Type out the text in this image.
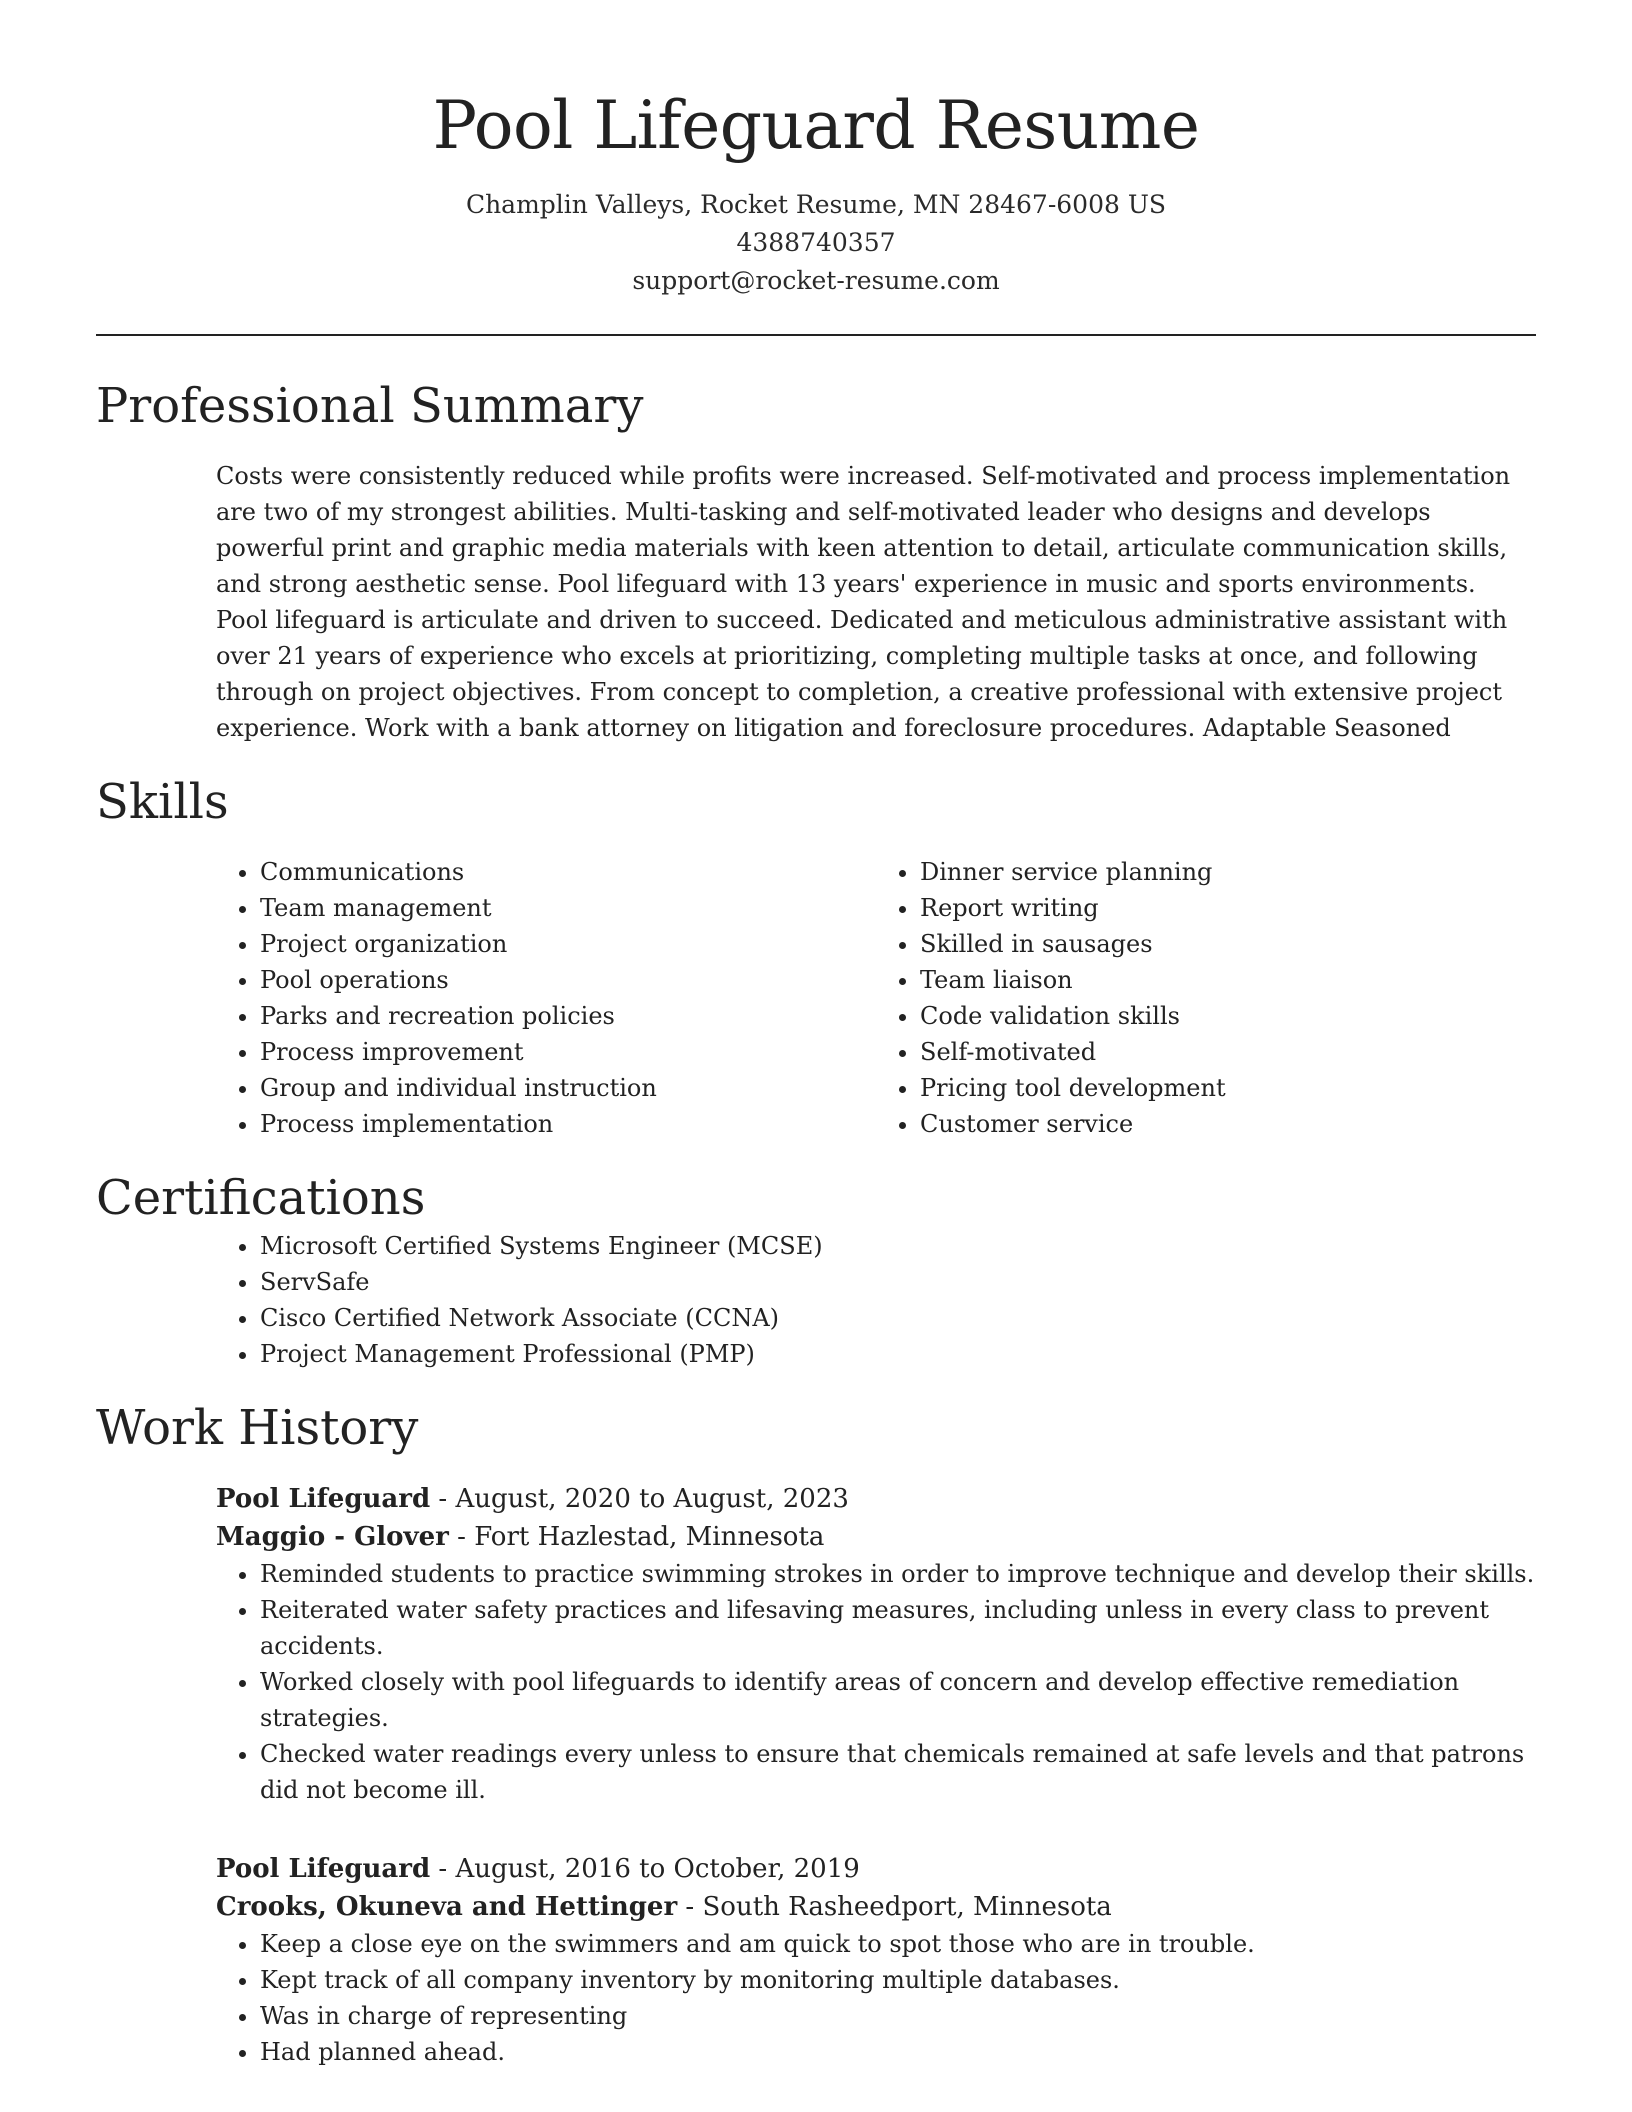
Pool Lifeguard Resume
Champlin Valleys, Rocket Resume, MN 28467-6008 US
4388740357
support@rocket-resume.com
Professional Summary

Costs were consistently reduced while profits were increased. Self-motivated and process implementation are two of my strongest abilities. Multi-tasking and self-motivated leader who designs and develops powerful print and graphic media materials with keen attention to detail, articulate communication skills, and strong aesthetic sense. Pool lifeguard with 13 years' experience in music and sports environments. Pool lifeguard is articulate and driven to succeed. Dedicated and meticulous administrative assistant with over 21 years of experience who excels at prioritizing, completing multiple tasks at once, and following through on project objectives. From concept to completion, a creative professional with extensive project experience. Work with a bank attorney on litigation and foreclosure procedures. Adaptable Seasoned

Skills
• Communications
• Team management
• Project organization
• Pool operations
• Parks and recreation policies
• Process improvement
• Group and individual instruction
• Process implementation
• Dinner service planning
• Report writing
• Skilled in sausages
• Team liaison
• Code validation skills
• Self-motivated
• Pricing tool development
• Customer service
Certifications
• Microsoft Certified Systems Engineer (MCSE)
• ServSafe
• Cisco Certified Network Associate (CCNA)
• Project Management Professional (PMP)
Work History
Pool Lifeguard - August, 2020 to August, 2023
Maggio - Glover - Fort Hazlestad, Minnesota
• Reminded students to practice swimming strokes in order to improve technique and develop their skills.
• Reiterated water safety practices and lifesaving measures, including unless in every class to prevent accidents.
• Worked closely with pool lifeguards to identify areas of concern and develop effective remediation strategies.
• Checked water readings every unless to ensure that chemicals remained at safe levels and that patrons did not become ill.
Pool Lifeguard - August, 2016 to October, 2019
Crooks, Okuneva and Hettinger - South Rasheedport, Minnesota
• Keep a close eye on the swimmers and am quick to spot those who are in trouble.
• Kept track of all company inventory by monitoring multiple databases.
• Was in charge of representing
• Had planned ahead.
